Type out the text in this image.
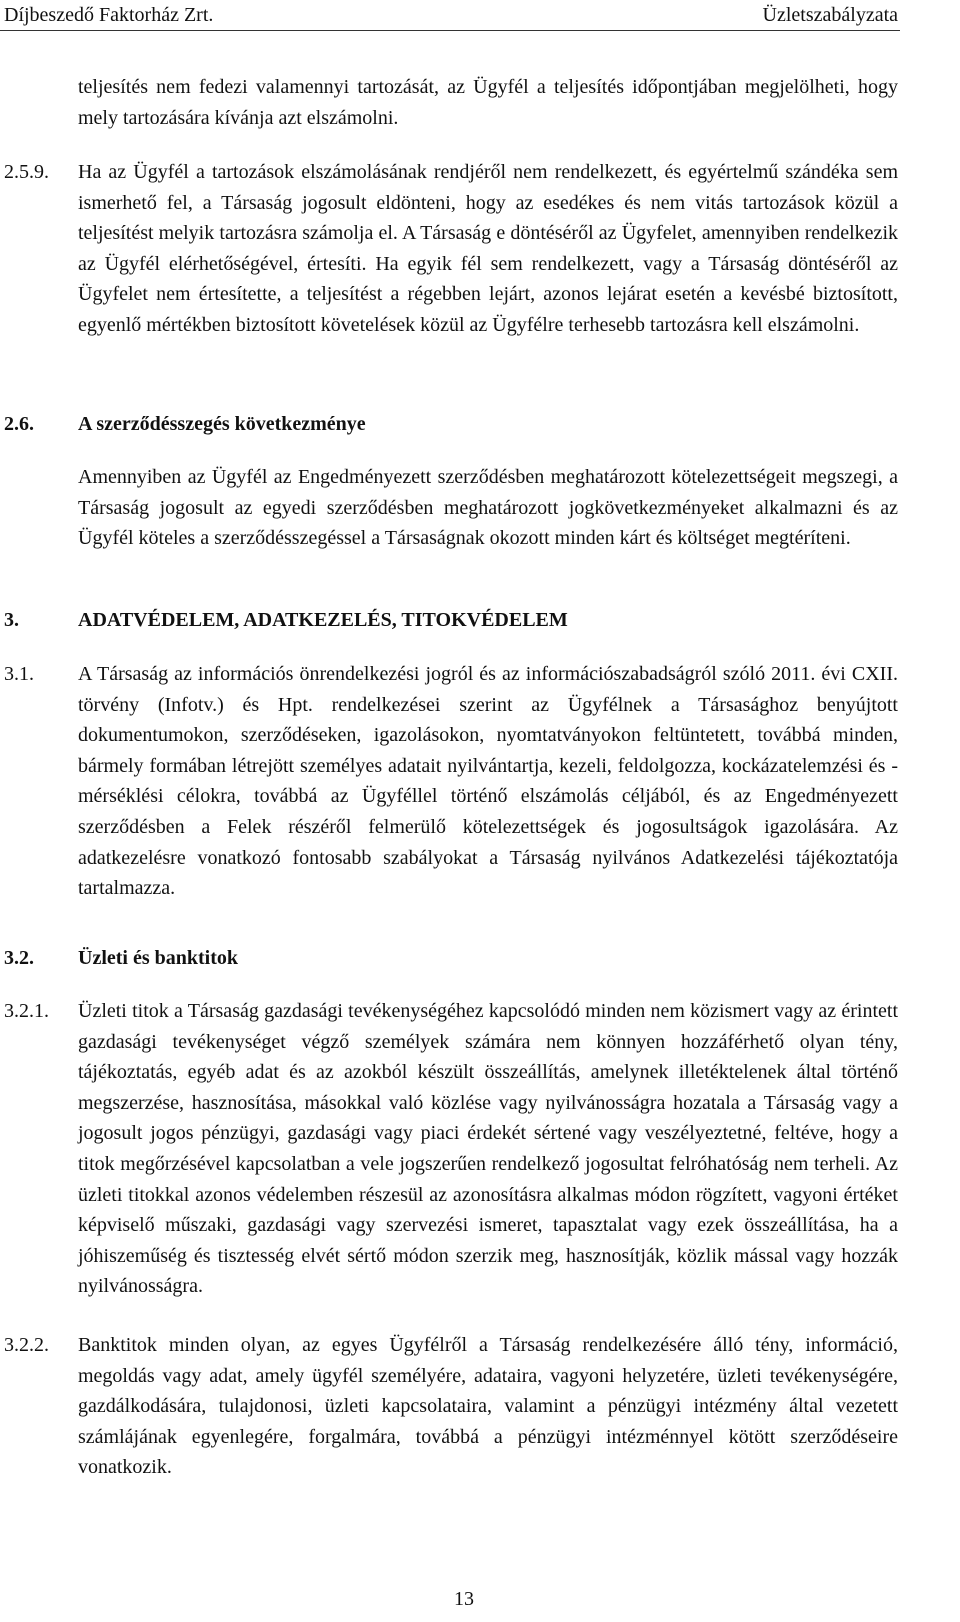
Díjbeszedő Faktorház Zrt.	Üzletszabályzata

teljesítés nem fedezi valamennyi tartozását, az Ügyfél a teljesítés időpontjában megjelölheti, hogy mely tartozására kívánja azt elszámolni.

2.5.9. Ha az Ügyfél a tartozások elszámolásának rendjéről nem rendelkezett, és egyértelmű szándéka sem ismerhető fel, a Társaság jogosult eldönteni, hogy az esedékes és nem vitás tartozások közül a teljesítést melyik tartozásra számolja el. A Társaság e döntéséről az Ügyfelet, amennyiben rendelkezik az Ügyfél elérhetőségével, értesíti. Ha egyik fél sem rendelkezett, vagy a Társaság döntéséről az Ügyfelet nem értesítette, a teljesítést a régebben lejárt, azonos lejárat esetén a kevésbé biztosított, egyenlő mértékben biztosított követelések közül az Ügyfélre terhesebb tartozásra kell elszámolni.

2.6. A szerződésszegés következménye

Amennyiben az Ügyfél az Engedményezett szerződésben meghatározott kötelezettségeit megszegi, a Társaság jogosult az egyedi szerződésben meghatározott jogkövetkezményeket alkalmazni és az Ügyfél köteles a szerződésszegéssel a Társaságnak okozott minden kárt és költséget megtéríteni.

3.	ADATVÉDELEM, ADATKEZELÉS, TITOKVÉDELEM
3.1. A Társaság az információs önrendelkezési jogról és az információszabadságról szóló 2011. évi CXII. törvény (Infotv.) és Hpt. rendelkezései szerint az Ügyfélnek a Társasághoz benyújtott dokumentumokon, szerződéseken, igazolásokon, nyomtatványokon feltüntetett, továbbá minden, bármely formában létrejött személyes adatait nyilvántartja, kezeli, feldolgozza, kockázatelemzési és -mérséklési célokra, továbbá az Ügyféllel történő elszámolás céljából, és az Engedményezett szerződésben a Felek részéről felmerülő kötelezettségek és jogosultságok igazolására. Az adatkezelésre vonatkozó fontosabb szabályokat a Társaság nyilvános Adatkezelési tájékoztatója tartalmazza.

3.2. Üzleti és banktitok
3.2.1. Üzleti titok a Társaság gazdasági tevékenységéhez kapcsolódó minden nem közismert vagy az érintett gazdasági tevékenységet végző személyek számára nem könnyen hozzáférhető olyan tény, tájékoztatás, egyéb adat és az azokból készült összeállítás, amelynek illetéktelenek által történő megszerzése, hasznosítása, másokkal való közlése vagy nyilvánosságra hozatala a Társaság vagy a jogosult jogos pénzügyi, gazdasági vagy piaci érdekét sértené vagy veszélyeztetné, feltéve, hogy a titok megőrzésével kapcsolatban a vele jogszerűen rendelkező jogosultat felróhatóság nem terheli. Az üzleti titokkal azonos védelemben részesül az azonosításra alkalmas módon rögzített, vagyoni értéket képviselő műszaki, gazdasági vagy szervezési ismeret, tapasztalat vagy ezek összeállítása, ha a jóhiszeműség és tisztesség elvét sértő módon szerzik meg, hasznosítják, közlik mással vagy hozzák nyilvánosságra.

3.2.2. Banktitok minden olyan, az egyes Ügyfélről a Társaság rendelkezésére álló tény, információ, megoldás vagy adat, amely ügyfél személyére, adataira, vagyoni helyzetére, üzleti tevékenységére, gazdálkodására, tulajdonosi, üzleti kapcsolataira, valamint a pénzügyi intézmény által vezetett számlájának egyenlegére, forgalmára, továbbá a pénzügyi intézménnyel kötött szerződéseire vonatkozik.

13
